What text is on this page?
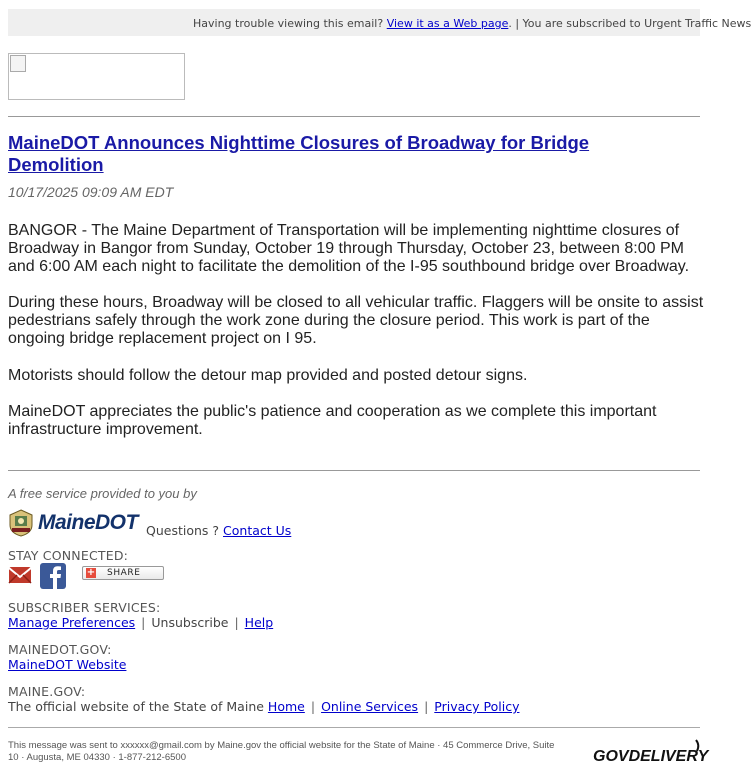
Having trouble viewing this email? View it as a Web page. | You are subscribed to Urgent Traffic News
MaineDOT Announces Nighttime Closures of Broadway for Bridge Demolition
10/17/2025 09:09 AM EDT
BANGOR - The Maine Department of Transportation will be implementing nighttime closures of Broadway in Bangor from Sunday, October 19 through Thursday, October 23, between 8:00 PM and 6:00 AM each night to facilitate the demolition of the I-95 southbound bridge over Broadway.
During these hours, Broadway will be closed to all vehicular traffic. Flaggers will be onsite to assist pedestrians safely through the work zone during the closure period. This work is part of the ongoing bridge replacement project on I 95.
Motorists should follow the detour map provided and posted detour signs.
MaineDOT appreciates the public's patience and cooperation as we complete this important infrastructure improvement.
A free service provided to you by
MaineDOT Questions ? Contact Us
STAY CONNECTED:
+ SHARE
SUBSCRIBER SERVICES:
Manage Preferences | Unsubscribe | Help
MAINEDOT.GOV:
MaineDOT Website
MAINE.GOV:
The official website of the State of Maine Home | Online Services | Privacy Policy
This message was sent to xxxxxx@gmail.com by Maine.gov the official website for the State of Maine · 45 Commerce Drive, Suite
10 · Augusta, ME 04330 · 1-877-212-6500	GOVDELIVERY
